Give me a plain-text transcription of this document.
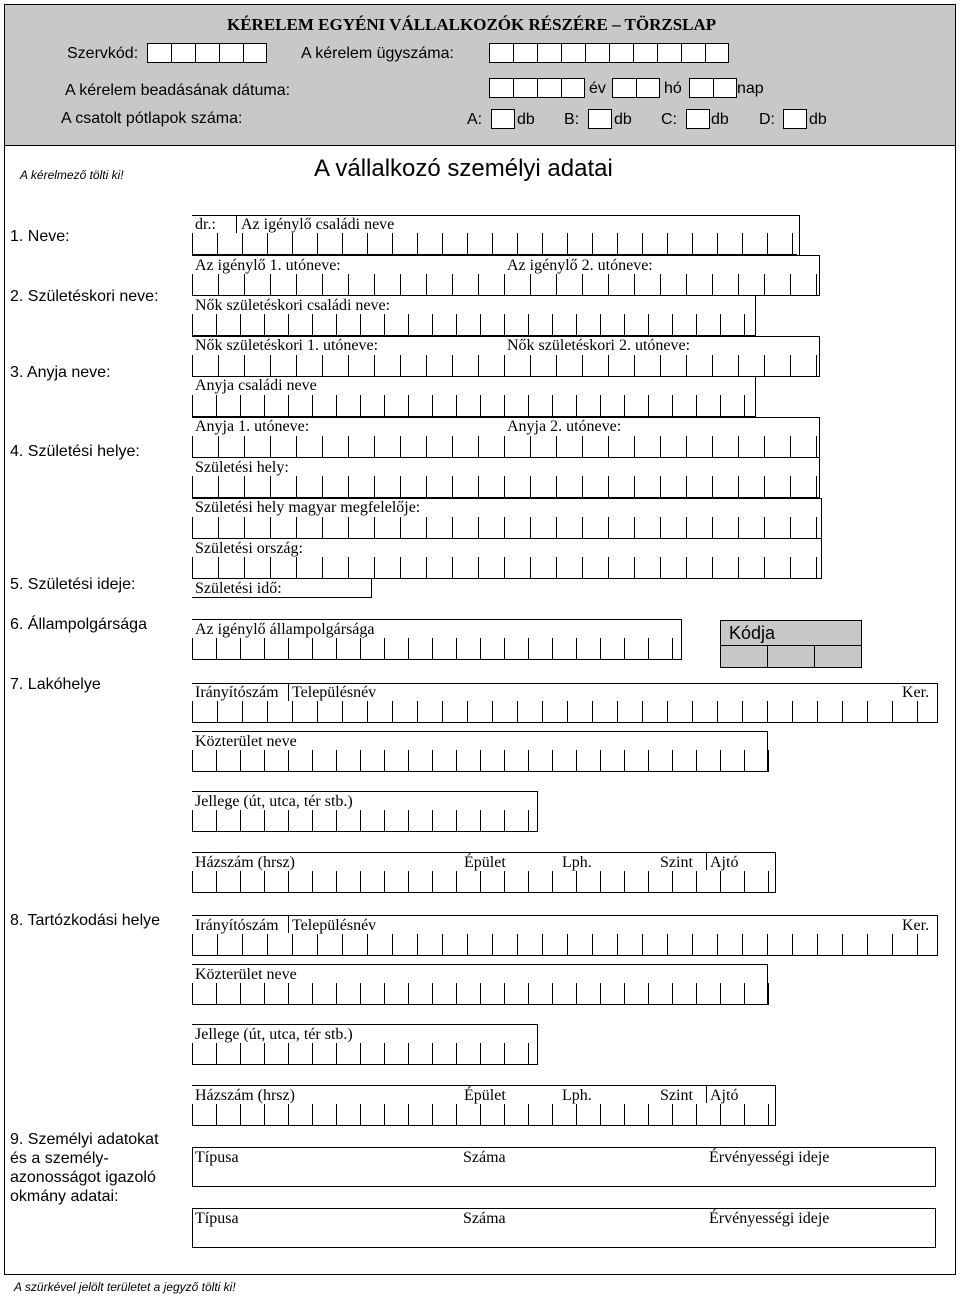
KÉRELEM EGYÉNI VÁLLALKOZÓK RÉSZÉRE – TÖRZSLAP
Szervkód:	A kérelem ügyszáma:
A kérelem beadásának dátuma:	év	hó	nap
A csatolt pótlapok száma:	A: db B: db C: db D: db
A kérelmező tölti ki!	A vállalkozó személyi adatai
1. Neve:
2. Születéskori neve:
3. Anyja neve:
4. Születési helye:
5. Születési ideje:
6. Állampolgársága
7. Lakóhelye
8. Tartózkodási helye
9. Személyi adatokat és a személy-azonosságot igazoló okmány adatai:
dr.: Az igénylő családi neve
Az igénylő 1. utóneve:	Az igénylő 2. utóneve:
Nők születéskori családi neve:
Nők születéskori 1. utóneve:	Nők születéskori 2. utóneve:
Anyja családi neve
Anyja 1. utóneve:	Anyja 2. utóneve:
Születési hely:
Születési hely magyar megfelelője:
Születési ország:
Születési idő:
Az igénylő állampolgársága	Kódja
Irányítószám Településnév	Ker.
Közterület neve
Jellege (út, utca, tér stb.)
Házszám (hrsz)	Épület	Lph.	Szint Ajtó
Irányítószám Településnév	Ker.
Közterület neve
Jellege (út, utca, tér stb.)
Házszám (hrsz)	Épület	Lph.	Szint Ajtó
Típusa	Száma	Érvényességi ideje
Típusa	Száma	Érvényességi ideje
A szürkével jelölt területet a jegyző tölti ki!
